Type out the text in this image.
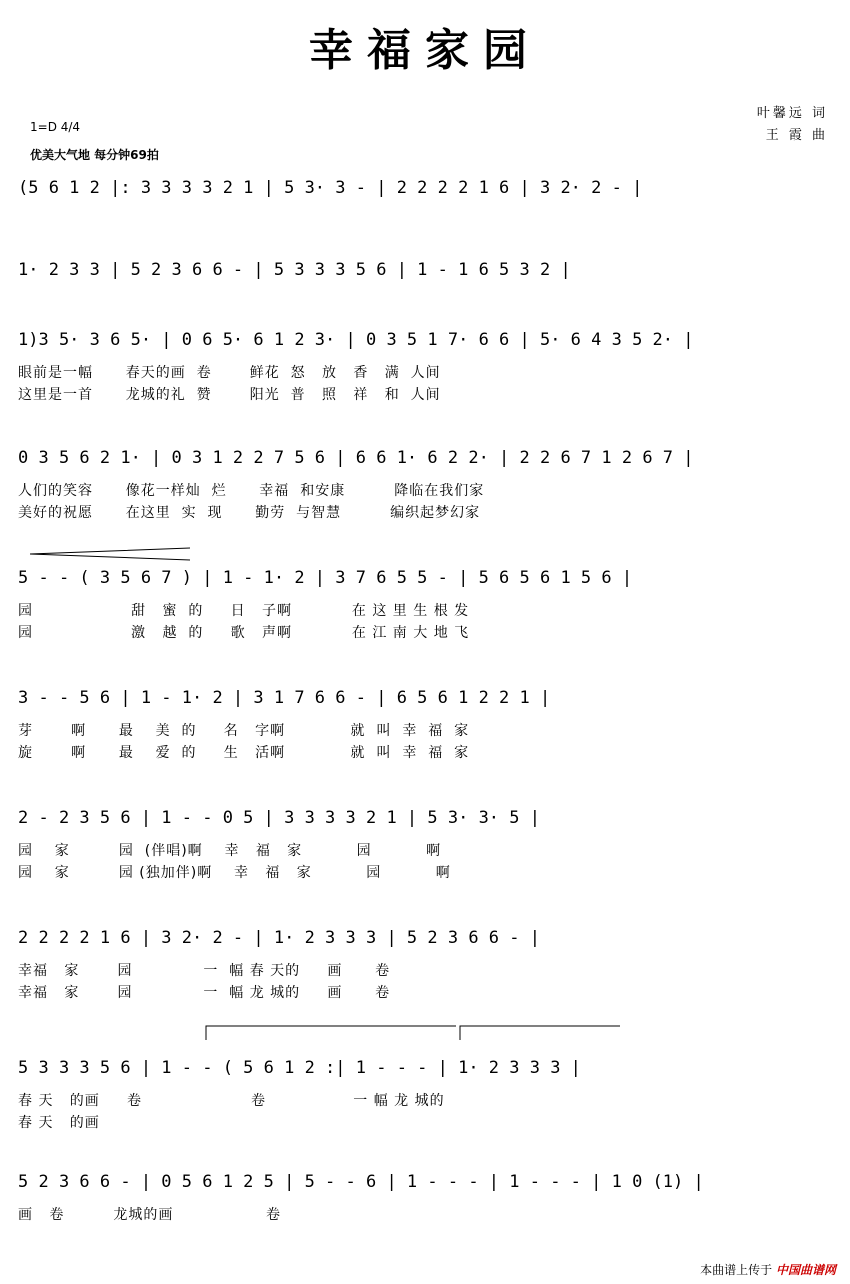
幸福家园
叶馨远 词
王 霞 曲
1=D 4/4
优美大气地 每分钟69拍
(5 6 1 2 |: 3 3 3 3 2 1 | 5 3· 3 - | 2 2 2 2 1 6 | 3 2· 2 - |
1· 2 3 3 | 5 2 3 6 6 - | 5 3 3 3 5 6 | 1 - 1 6 5 3 2 |
1)3 5· 3 6 5· | 0 6 5· 6 1 2 3· | 0 3 5 1 7· 6 6 | 5· 6 4 3 5 2· |
眼前是一幅      春天的画  卷       鲜花  怒   放   香   满  人间
这里是一首      龙城的礼  赞       阳光  普   照   祥   和  人间
0 3 5 6 2 1· | 0 3 1 2 2 7 5 6 | 6 6 1· 6 2 2· | 2 2 6 7 1 2 6 7 |
人们的笑容      像花一样灿  烂      幸福  和安康         降临在我们家
美好的祝愿      在这里  实  现      勤劳  与智慧         编织起梦幻家
5 - - ( 3 5 6 7 ) | 1 - 1· 2 | 3 7 6 5 5 - | 5 6 5 6 1 5 6 |
园                  甜   蜜  的     日   子啊           在 这 里 生 根 发
园                  激   越  的     歌   声啊           在 江 南 大 地 飞
3 - - 5 6 | 1 - 1· 2 | 3 1 7 6 6 - | 6 5 6 1 2 2 1 |
芽       啊      最    美  的     名   字啊            就  叫  幸  福  家
旋       啊      最    爱  的     生   活啊            就  叫  幸  福  家
2 - 2 3 5 6 | 1 - - 0 5 | 3 3 3 3 2 1 | 5 3· 3· 5 |
园    家         园  (伴唱)啊    幸   福   家          园          啊
园    家         园 (独加伴)啊    幸   福   家          园          啊
2 2 2 2 1 6 | 3 2· 2 - | 1· 2 3 3 3 | 5 2 3 6 6 - |
幸福   家       园             一  幅 春 天的     画      卷
幸福   家       园             一  幅 龙 城的     画      卷
5 3 3 3 5 6 | 1 - - ( 5 6 1 2 :| 1 - - - | 1· 2 3 3 3 |
春 天   的画     卷                    卷                一 幅 龙 城的
春 天   的画
5 2 3 6 6 - | 0 5 6 1 2 5 | 5 - - 6 | 1 - - - | 1 - - - | 1 0 (1) |
画   卷         龙城的画                 卷
本曲谱上传于 中国曲谱网
